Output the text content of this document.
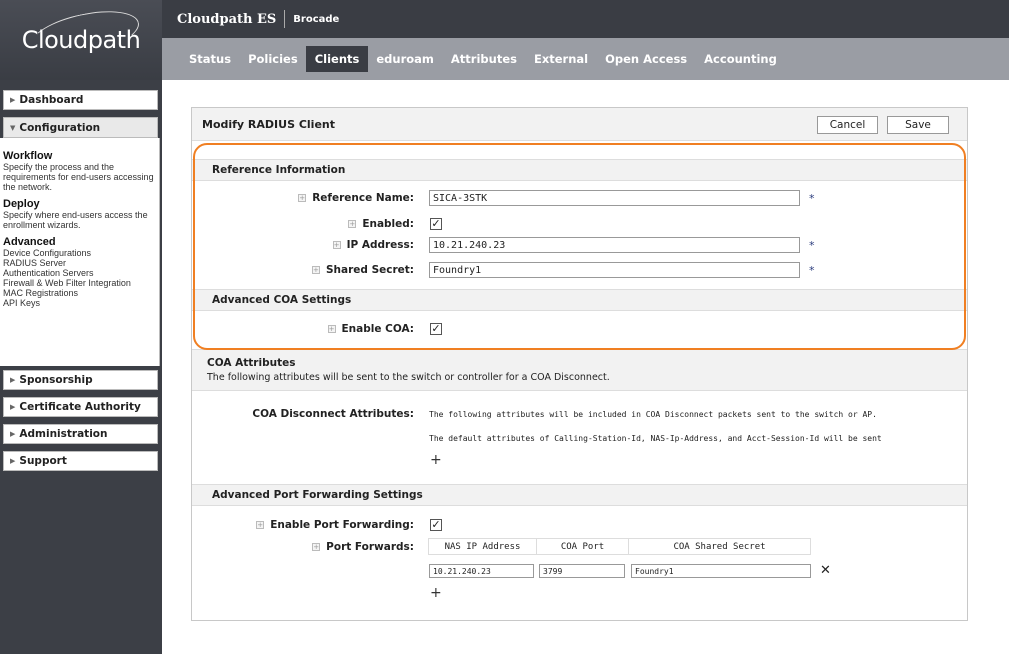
Cloudpath
▶ Dashboard
▼ Configuration
Workflow
Specify the process and the requirements for end-users accessing the network.
Deploy
Specify where end-users access the enrollment wizards.
Advanced
Device Configurations
RADIUS Server
Authentication Servers
Firewall & Web Filter Integration
MAC Registrations
API Keys
▶ Sponsorship
▶ Certificate Authority
▶ Administration
▶ Support
Cloudpath ES Brocade
Status Policies	Clients	eduroam Attributes External Open Access Accounting
Modify RADIUS Client	Cancel	Save
Reference Information
+ Reference Name:	SICA-3STK	*
+ Enabled: ✓
+ IP Address:	10.21.240.23	*
+ Shared Secret:	Foundry1	*
Advanced COA Settings
+ Enable COA: ✓
COA Attributes
The following attributes will be sent to the switch or controller for a COA Disconnect.
COA Disconnect Attributes: The following attributes will be included in COA Disconnect packets sent to the switch or AP.
The default attributes of Calling-Station-Id, NAS-Ip-Address, and Acct-Session-Id will be sent
+
Advanced Port Forwarding Settings
+ Enable Port Forwarding: ✓
+ Port Forwards:	NAS IP Address	COA Port	COA Shared Secret
10.21.240.23	3799	Foundry1	✕
+
